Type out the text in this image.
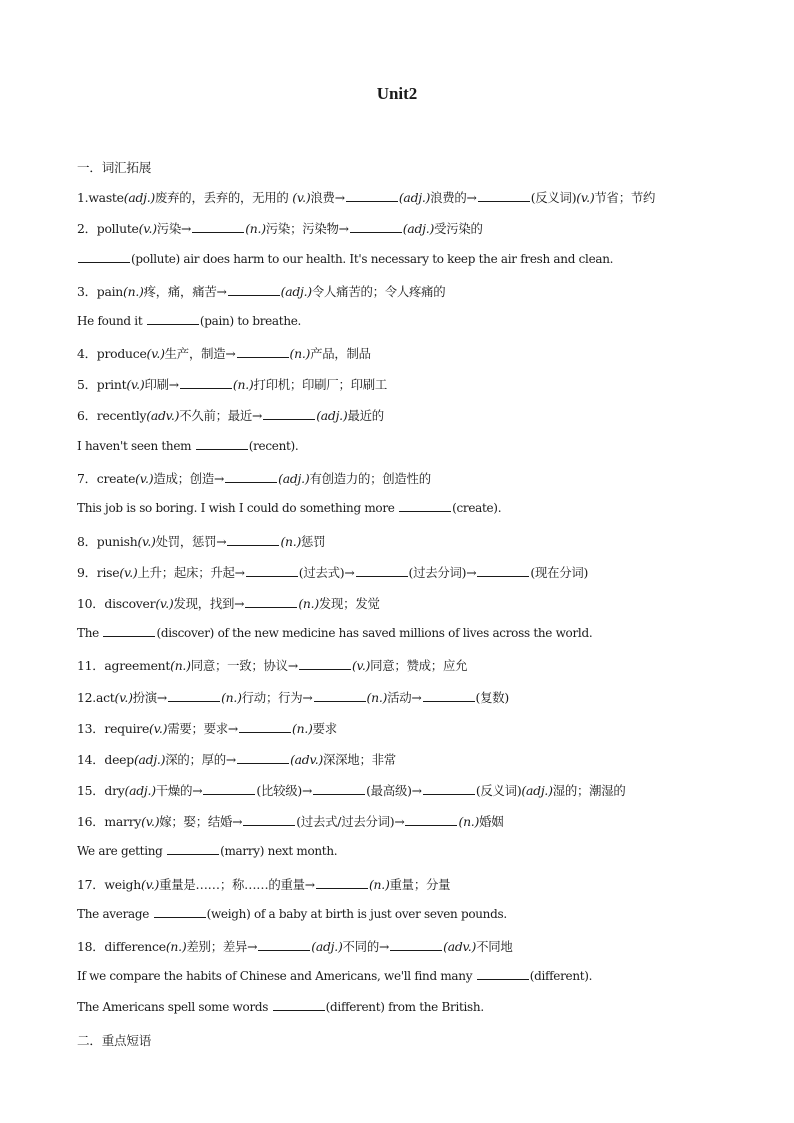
Unit2
一．词汇拓展
1.waste(adj.)废弃的，丢弃的，无用的 (v.)浪费→	(adj.)浪费的→	(反义词)(v.)节省；节约
2．pollute(v.)污染→	(n.)污染；污染物→	(adj.)受污染的
(pollute) air does harm to our health. It's necessary to keep the air fresh and clean.
3．pain(n.)疼，痛，痛苦→	(adj.)令人痛苦的；令人疼痛的
He found it	(pain) to breathe.
4．produce(v.)生产，制造→	(n.)产品，制品
5．print(v.)印刷→	(n.)打印机；印刷厂；印刷工
6．recently(adv.)不久前；最近→	(adj.)最近的
I haven't seen them	(recent).
7．create(v.)造成；创造→	(adj.)有创造力的；创造性的
This job is so boring. I wish I could do something more	(create).
8．punish(v.)处罚，惩罚→	(n.)惩罚
9．rise(v.)上升；起床；升起→	(过去式)→	(过去分词)→	(现在分词)
10．discover(v.)发现，找到→	(n.)发现；发觉
The	(discover) of the new medicine has saved millions of lives across the world.
11．agreement(n.)同意；一致；协议→	(v.)同意；赞成；应允
12.act(v.)扮演→	(n.)行动；行为→	(n.)活动→	(复数)
13．require(v.)需要；要求→	(n.)要求
14．deep(adj.)深的；厚的→	(adv.)深深地；非常
15．dry(adj.)干燥的→	(比较级)→	(最高级)→	(反义词)(adj.)湿的；潮湿的
16．marry(v.)嫁；娶；结婚→	(过去式/过去分词)→	(n.)婚姻
We are getting	(marry) next month.
17．weigh(v.)重量是……；称……的重量→	(n.)重量；分量
The average	(weigh) of a baby at birth is just over seven pounds.
18．difference(n.)差别；差异→	(adj.)不同的→	(adv.)不同地
If we compare the habits of Chinese and Americans, we'll find many	(different).
The Americans spell some words	(different) from the British.
二．重点短语
